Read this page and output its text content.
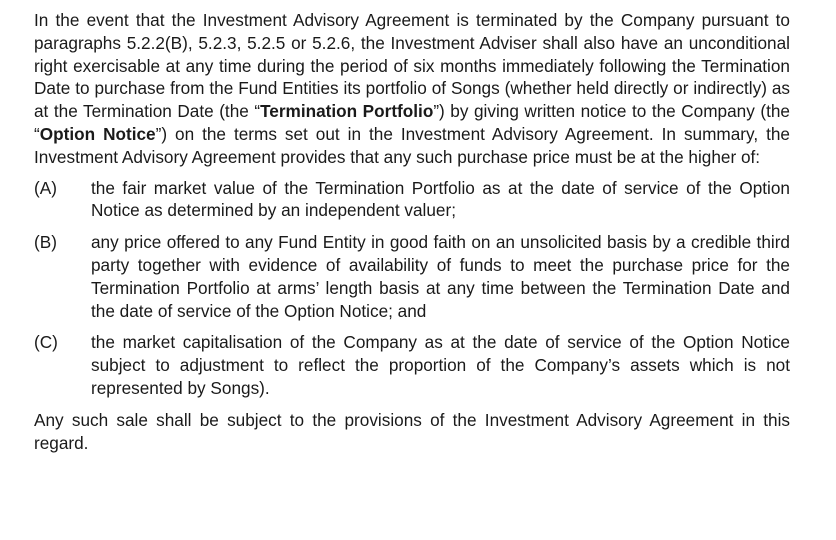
In the event that the Investment Advisory Agreement is terminated by the Company pursuant to paragraphs 5.2.2(B), 5.2.3, 5.2.5 or 5.2.6, the Investment Adviser shall also have an unconditional right exercisable at any time during the period of six months immediately following the Termination Date to purchase from the Fund Entities its portfolio of Songs (whether held directly or indirectly) as at the Termination Date (the “Termination Portfolio”) by giving written notice to the Company (the “Option Notice”) on the terms set out in the Investment Advisory Agreement. In summary, the Investment Advisory Agreement provides that any such purchase price must be at the higher of:

(A)	the fair market value of the Termination Portfolio as at the date of service of the Option Notice as determined by an independent valuer;
(B)	any price offered to any Fund Entity in good faith on an unsolicited basis by a credible third party together with evidence of availability of funds to meet the purchase price for the Termination Portfolio at arms’ length basis at any time between the Termination Date and the date of service of the Option Notice; and
(C)	the market capitalisation of the Company as at the date of service of the Option Notice subject to adjustment to reflect the proportion of the Company’s assets which is not represented by Songs).

Any such sale shall be subject to the provisions of the Investment Advisory Agreement in this regard.
